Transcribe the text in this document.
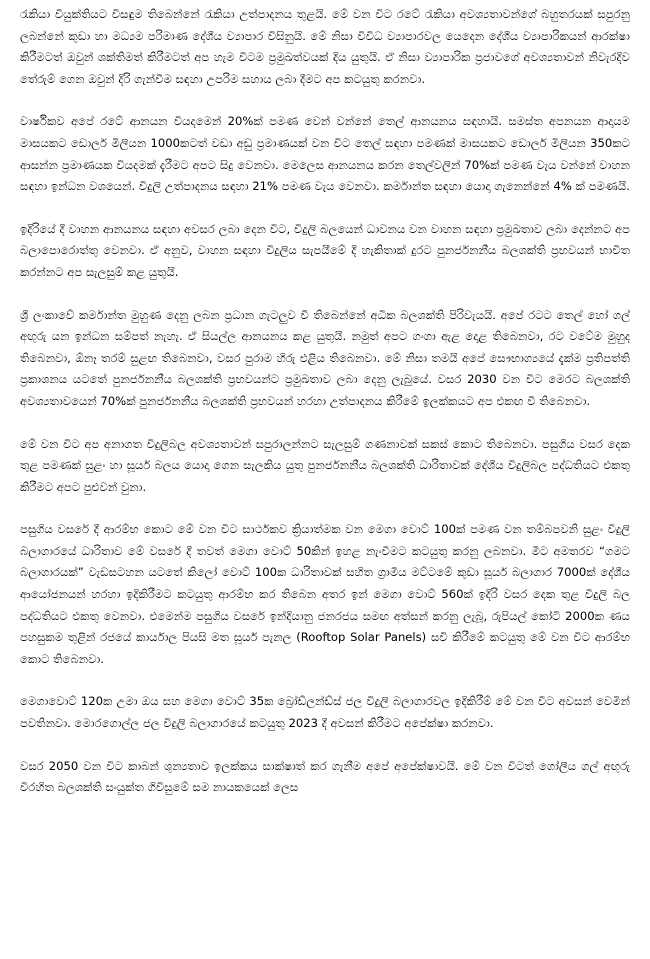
රැකියා වියුක්තියට විසඳුම තිබෙන්නේ රැකියා උත්පාදනය තුළයි. මේ වන විට රටේ රැකියා අවශ්‍යතාවන්ගේ බහුතරයක් සපුරනු ලබන්නේ කුඩා හා මධ්‍යම පරිමාණ දේශීය ව්‍යාපාර විසිනුයි. මේ නිසා විවිධ ව්‍යාපාරවල යෙදෙන දේශීය ව්‍යාපාරිකයන් ආරක්ෂා කිරීමටත් ඔවුන් ශක්තිමත් කිරීමටත් අප හැම විටම ප්‍රමුඛත්වයක් දිය යුතුයි. ඒ නිසා ව්‍යාපාරික ප්‍රජාවගේ අවශ්‍යතාවන් නිවැරදිව තේරුම් ගෙන ඔවුන් දිරි ගැන්වීම සඳහා උපරිම සහාය ලබා දීමට අප කටයුතු කරනවා.

වාර්ෂිකව අපේ රටේ ආනයන වියදමෙන් 20%ක් පමණ වෙන් වන්නේ තෙල් ආනයනය සඳහායි. සමස්ත අපනයන ආදායම මාසයකට ඩොලර් මිලියන 1000කටත් වඩා අඩු ප්‍රමාණයක් වන විට තෙල් සඳහා පමණක් මාසයකට ඩොලර් මිලියන 350කට ආසන්න ප්‍රමාණයක වියදමක් දැරීමට අපට සිදු වෙනවා. මෙලෙස ආනයනය කරන තෙල්වලින් 70%ක් පමණ වැය වන්නේ වාහන සඳහා ඉන්ධන වශයෙන්. විදුලි උත්පාදනය සඳහා 21% පමණ වැය වෙනවා. කර්මාන්ත සඳහා යොදා ගැනෙන්නේ 4% ක් පමණයි.

ඉදිරියේ දී වාහන ආනයනය සඳහා අවසර ලබා දෙන විට, විදුලි බලයෙන් ධාවනය වන වාහන සඳහා ප්‍රමුඛතාව ලබා දෙන්නට අප බලාපොරොත්තු වෙනවා. ඒ අනුව, වාහන සඳහා විදුලිය සැපයීමේ දී හැකිතාක් දුරට පුනර්ජනනීය බලශක්ති ප්‍රභවයන් භාවිත කරන්නට අප සැලසුම් කළ යුතුයි.

ශ්‍රී ලංකාවේ කර්මාන්ත මුහුණ දෙනු ලබන ප්‍රධාන ගැටලුව වී තිබෙන්නේ අධික බලශක්ති පිරිවැයයි. අපේ රටට තෙල් හෝ ගල් අඟුරු යන ඉන්ධන සම්පත් නැහැ. ඒ සියල්ල ආනයනය කළ යුතුයි. නමුත් අපට ගංගා ඇළ දොළ තිබෙනවා, රට වටේම මුහුද තිබෙනවා, ඕනෑ තරම් සුළඟ තිබෙනවා, වසර පුරාම හිරු එළිය තිබෙනවා. මේ නිසා තමයි අපේ සෞභාග්‍යයේ දැක්ම ප්‍රතිපත්ති ප්‍රකාශනය යටතේ පුනර්ජනනීය බලශක්ති ප්‍රභවයන්ට ප්‍රමුඛතාව ලබා දෙනු ලැබුයේ. වසර 2030 වන විට මෙරට බලශක්ති අවශ්‍යතාවයෙන් 70%ක් පුනර්ජනනීය බලශක්ති ප්‍රභවයන් හරහා උත්පාදනය කිරීමේ ඉලක්කයට අප එකඟ වී තිබෙනවා.

මේ වන විට අප අනාගත විදුලිබල අවශ්‍යතාවන් සපුරාලන්නට සැලසුම් ගණනාවක් සකස් කොට තිබෙනවා. පසුගිය වසර දෙක තුළ පමණක් සුළං හා සූර්ය බලය යොදා ගෙන සැලකිය යුතු පුනර්ජනනීය බලශක්ති ධාරිතාවක් දේශීය විදුලිබල පද්ධතියට එකතු කිරීමට අපට පුළුවන් වුනා.

පසුගිය වසරේ දී ආරම්භ කොට මේ වන විට සාර්ථකව ක්‍රියාත්මක වන මෙගා වොට් 100ක් පමණ වන තම්බපවනි සුළං විදුලි බලාගාරයේ ධාරිතාව මේ වසරේ දී තවත් මෙගා වොට් 50කින් ඉහළ නැංවීමට කටයුතු කරනු ලබනවා. මීට අමතරව “ගමට බලාගාරයක්” වැඩසටහන යටතේ කිලෝ වොට් 100ක ධාරිතාවක් සහිත ග්‍රාමීය මට්ටමේ කුඩා සූර්ය බලාගාර 7000ක් දේශීය ආයෝජනයන් හරහා ඉදිකිරීමට කටයුතු ආරම්භ කර තිබෙන අතර ඉන් මෙගා වොට් 560ක් ඉදිරි වසර දෙක තුළ විදුලි බල පද්ධතියට එකතු වෙනවා. එමෙන්ම පසුගිය වසරේ ඉන්දියානු ජනරජය සමඟ අත්සන් කරනු ලැබූ, රුපියල් කෝටි 2000ක ණය පහසුකම තුළින් රජයේ කාර්යාල පියසි මත සූර්ය පැනල (Rooftop Solar Panels) සවි කිරීමේ කටයුතු මේ වන විට ආරම්භ කොට තිබෙනවා.

මෙගාවොට් 120ක උමා ඔය සහ මෙගා වොට් 35ක බ්‍රෝඩ්ලන්ඩ්ස් ජල විදුලි බලාගාරවල ඉදිකිරීම් මේ වන විට අවසන් වෙමින් පවතිනවා. මොරගොල්ල ජල විදුලි බලාගාරයේ කටයුතු 2023 දී අවසන් කිරීමට අපේක්ෂා කරනවා.

වසර 2050 වන විට කාබන් ශුන්‍යතාව ඉලක්කය සාක්ෂාත් කර ගැනීම අපේ අපේක්ෂාවයි. මේ වන විටත් ගෝලීය ගල් අඟුරු විරහිත බලශක්ති සංයුක්ත ගිවිසුමේ සම නායකයෙක් ලෙස
